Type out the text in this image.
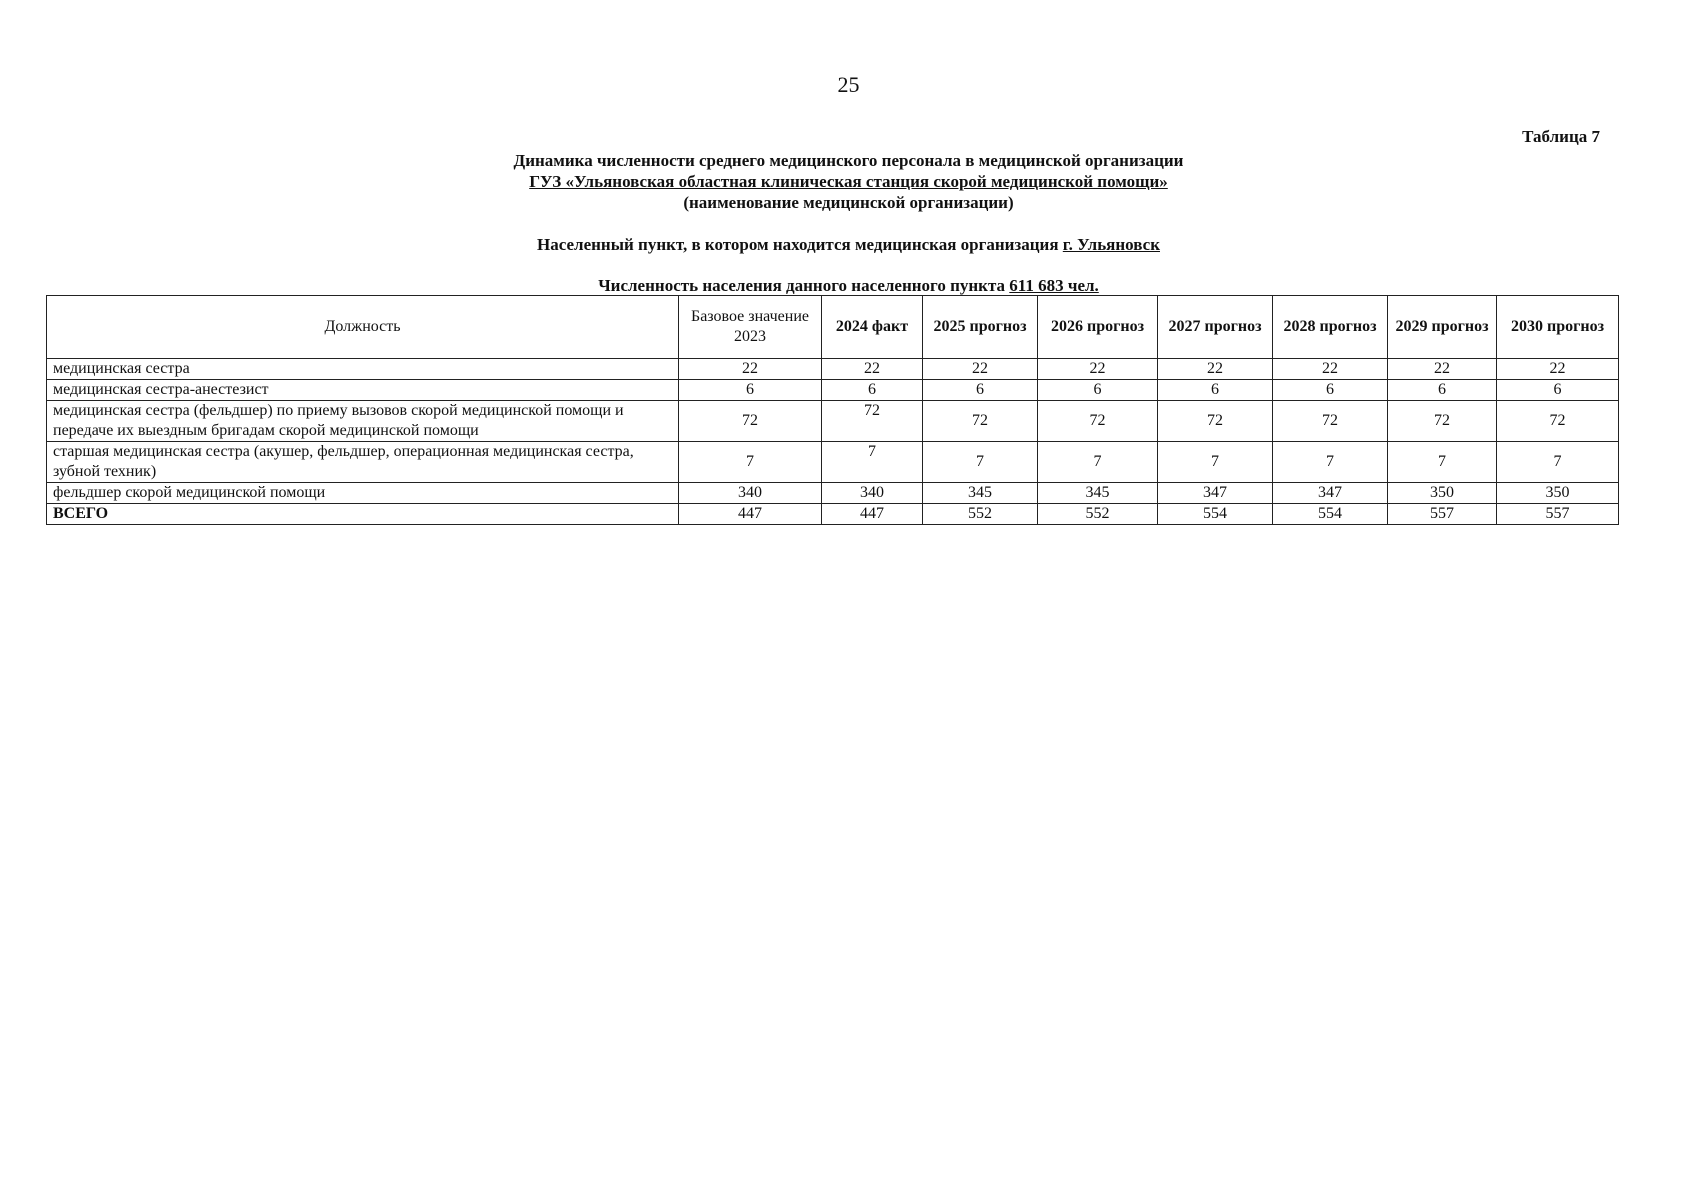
25
Таблица 7
Динамика численности среднего медицинского персонала в медицинской организации
ГУЗ «Ульяновская областная клиническая станция скорой медицинской помощи»
(наименование медицинской организации)
Населенный пункт, в котором находится медицинская организация г. Ульяновск
Численность населения данного населенного пункта 611 683 чел.
Должность	Базовое значение 2023	2024 факт	2025 прогноз	2026 прогноз	2027 прогноз	2028 прогноз	2029 прогноз	2030 прогноз
медицинская сестра	22	22	22	22	22	22	22	22
медицинская сестра-анестезист	6	6	6	6	6	6	6	6
медицинская сестра (фельдшер) по приему вызовов скорой медицинской помощи и передаче их выездным бригадам скорой медицинской помощи	72	72	72	72	72	72	72	72
старшая медицинская сестра (акушер, фельдшер, операционная медицинская сестра, зубной техник)	7	7	7	7	7	7	7	7
фельдшер скорой медицинской помощи	340	340	345	345	347	347	350	350
ВСЕГО	447	447	552	552	554	554	557	557
